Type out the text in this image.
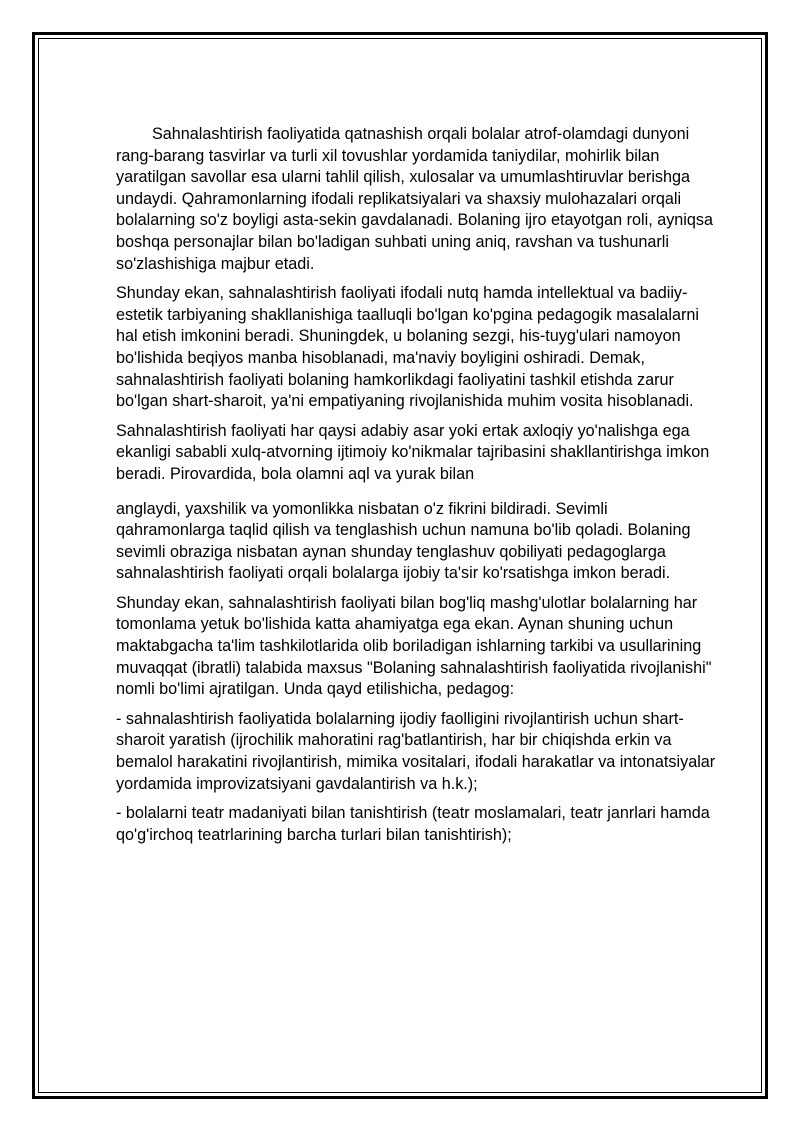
Sahnalashtirish faoliyatida qatnashish orqali bolalar atrof-olamdagi dunyoni rang-barang tasvirlar va turli xil tovushlar yordamida taniydilar, mohirlik bilan yaratilgan savollar esa ularni tahlil qilish, xulosalar va umumlashtiruvlar berishga undaydi. Qahramonlarning ifodali replikatsiyalari va shaxsiy mulohazalari orqali bolalarning so'z boyligi asta-sekin gavdalanadi. Bolaning ijro etayotgan roli, ayniqsa boshqa personajlar bilan bo'ladigan suhbati uning aniq, ravshan va tushunarli so'zlashishiga majbur etadi.

Shunday ekan, sahnalashtirish faoliyati ifodali nutq hamda intellektual va badiiy-estetik tarbiyaning shakllanishiga taalluqli bo'lgan ko'pgina pedagogik masalalarni hal etish imkonini beradi. Shuningdek, u bolaning sezgi, his-tuyg'ulari namoyon bo'lishida beqiyos manba hisoblanadi, ma'naviy boyligini oshiradi. Demak, sahnalashtirish faoliyati bolaning hamkorlikdagi faoliyatini tashkil etishda zarur bo'lgan shart-sharoit, ya'ni empatiyaning rivojlanishida muhim vosita hisoblanadi.

Sahnalashtirish faoliyati har qaysi adabiy asar yoki ertak axloqiy yo'nalishga ega ekanligi sababli xulq-atvorning ijtimoiy ko'nikmalar tajribasini shakllantirishga imkon beradi. Pirovardida, bola olamni aql va yurak bilan

anglaydi, yaxshilik va yomonlikka nisbatan o'z fikrini bildiradi. Sevimli qahramonlarga taqlid qilish va tenglashish uchun namuna bo'lib qoladi. Bolaning sevimli obraziga nisbatan aynan shunday tenglashuv qobiliyati pedagoglarga sahnalashtirish faoliyati orqali bolalarga ijobiy ta'sir ko'rsatishga imkon beradi.

Shunday ekan, sahnalashtirish faoliyati bilan bog'liq mashg'ulotlar bolalarning har tomonlama yetuk bo'lishida katta ahamiyatga ega ekan. Aynan shuning uchun maktabgacha ta'lim tashkilotlarida olib boriladigan ishlarning tarkibi va usullarining muvaqqat (ibratli) talabida maxsus "Bolaning sahnalashtirish faoliyatida rivojlanishi" nomli bo'limi ajratilgan. Unda qayd etilishicha, pedagog:

- sahnalashtirish faoliyatida bolalarning ijodiy faolligini rivojlantirish uchun shart-sharoit yaratish (ijrochilik mahoratini rag'batlantirish, har bir chiqishda erkin va bemalol harakatini rivojlantirish, mimika vositalari, ifodali harakatlar va intonatsiyalar yordamida improvizatsiyani gavdalantirish va h.k.);

- bolalarni teatr madaniyati bilan tanishtirish (teatr moslamalari, teatr janrlari hamda qo'g'irchoq teatrlarining barcha turlari bilan tanishtirish);
